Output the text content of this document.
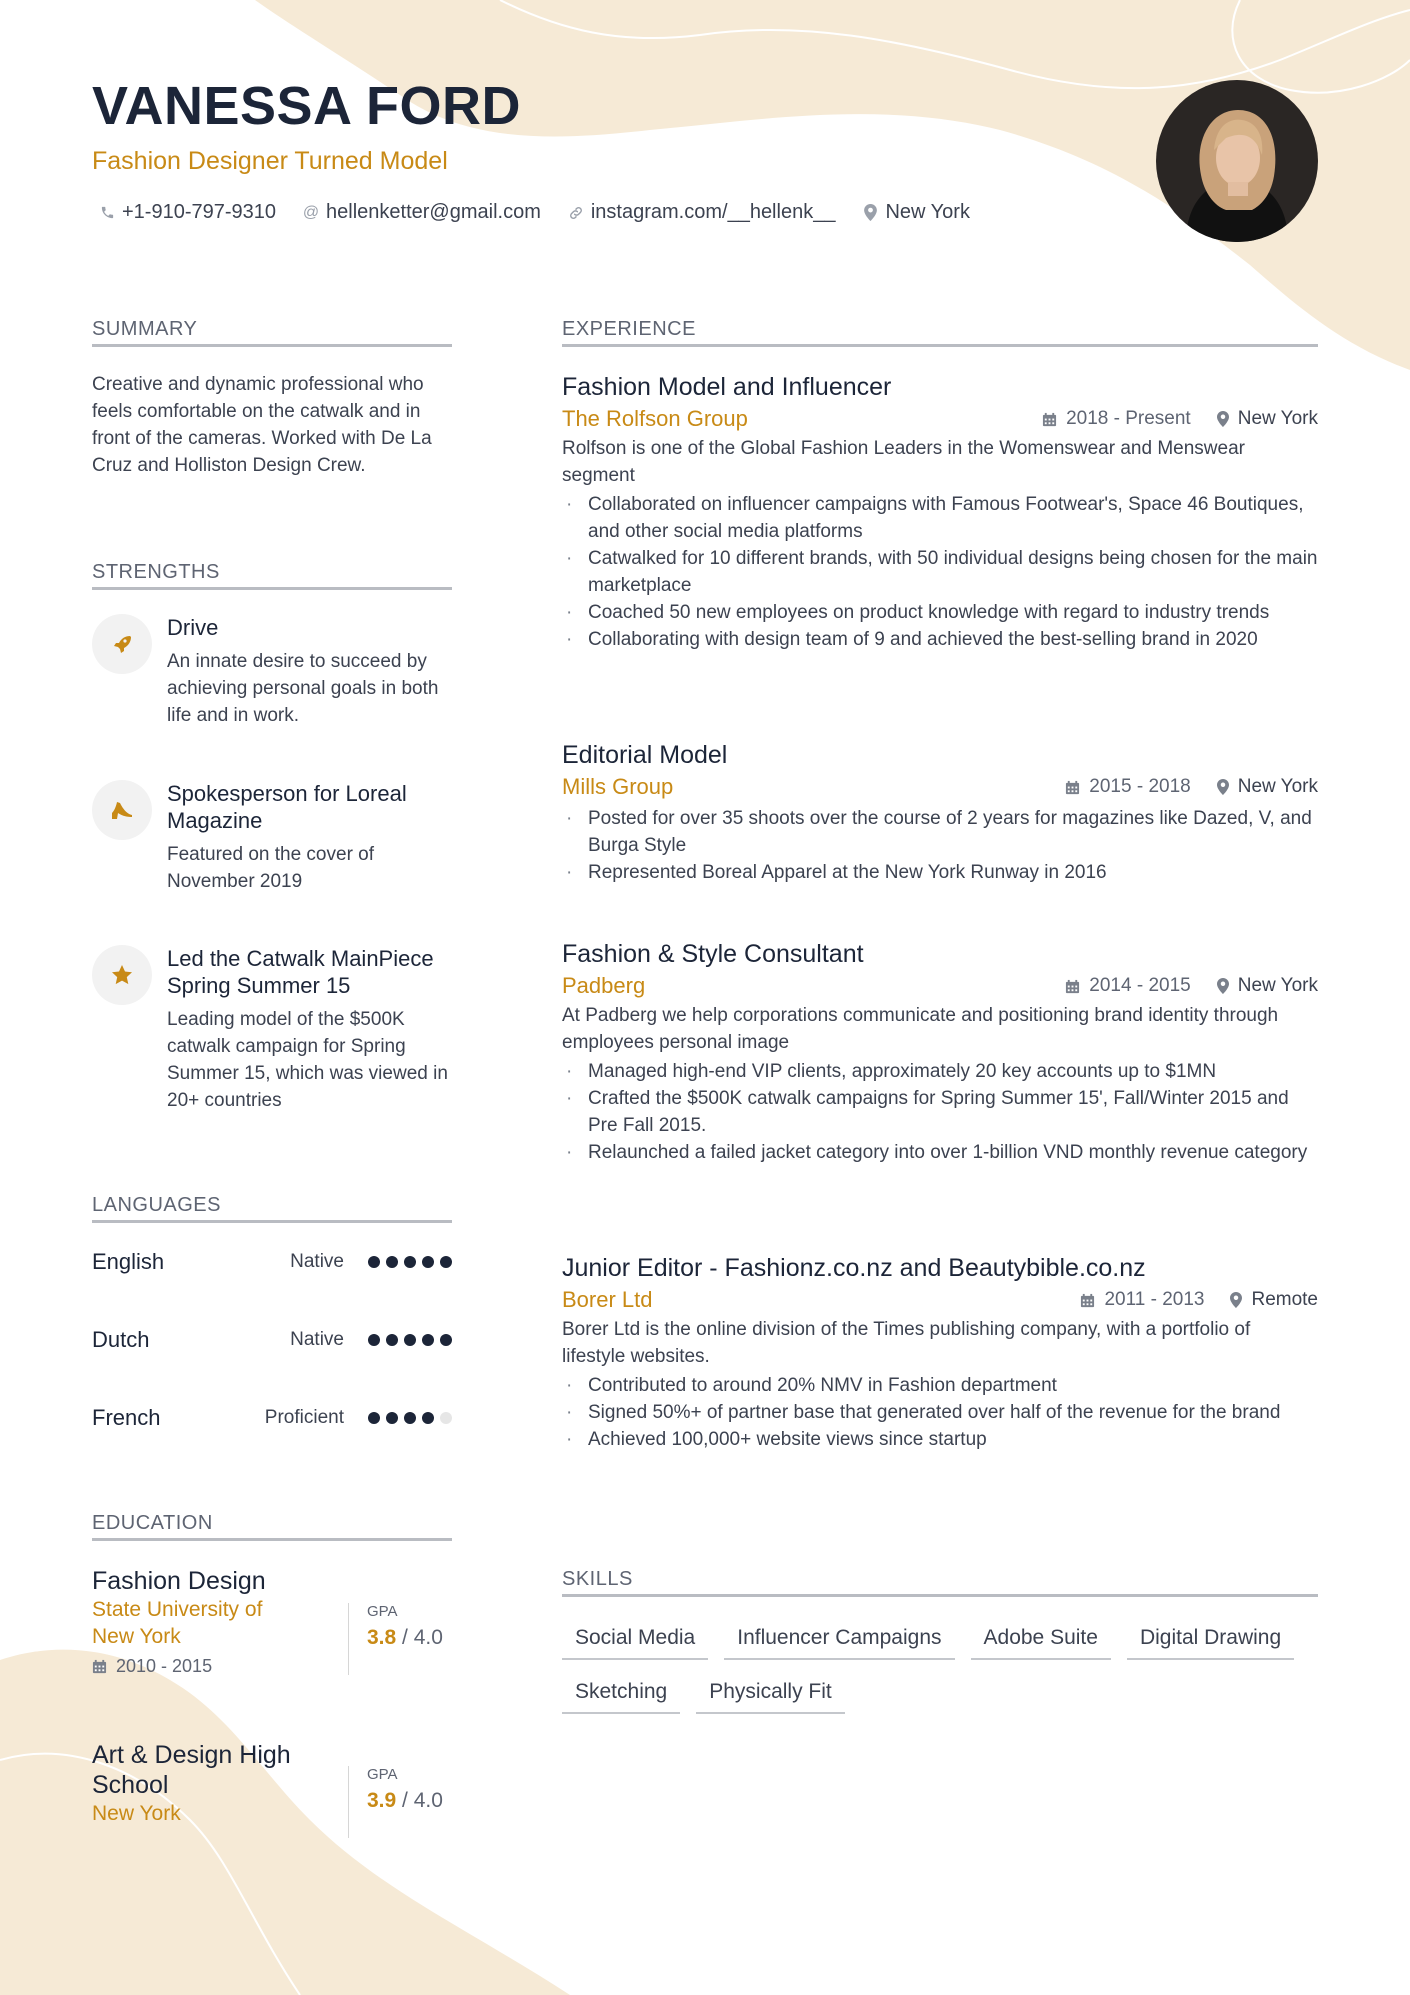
VANESSA FORD
Fashion Designer Turned Model
+1-910-797-9310 @ hellenketter@gmail.com	instagram.com/__hellenk__	New York
SUMMARY
Creative and dynamic professional who feels comfortable on the catwalk and in front of the cameras. Worked with De La Cruz and Holliston Design Crew.
STRENGTHS
Drive
An innate desire to succeed by achieving personal goals in both life and in work.
Spokesperson for Loreal Magazine
Featured on the cover of November 2019
Led the Catwalk MainPiece Spring Summer 15
Leading model of the $500K catwalk campaign for Spring Summer 15, which was viewed in 20+ countries
LANGUAGES
English	Native
Dutch	Native
French	Proficient
EDUCATION
Fashion Design
State University of New York
2010 - 2015
GPA
3.8 / 4.0
Art & Design High School
New York
GPA
3.9 / 4.0
EXPERIENCE
Fashion Model and Influencer
The Rolfson Group	2018 - Present New York
Rolfson is one of the Global Fashion Leaders in the Womenswear and Menswear segment
· Collaborated on influencer campaigns with Famous Footwear's, Space 46 Boutiques, and other social media platforms
· Catwalked for 10 different brands, with 50 individual designs being chosen for the main marketplace
· Coached 50 new employees on product knowledge with regard to industry trends
· Collaborating with design team of 9 and achieved the best-selling brand in 2020
Editorial Model
Mills Group	2015 - 2018 New York
· Posted for over 35 shoots over the course of 2 years for magazines like Dazed, V, and Burga Style
· Represented Boreal Apparel at the New York Runway in 2016
Fashion & Style Consultant
Padberg	2014 - 2015 New York
At Padberg we help corporations communicate and positioning brand identity through employees personal image
· Managed high-end VIP clients, approximately 20 key accounts up to $1MN
· Crafted the $500K catwalk campaigns for Spring Summer 15', Fall/Winter 2015 and Pre Fall 2015.
· Relaunched a failed jacket category into over 1-billion VND monthly revenue category
Junior Editor - Fashionz.co.nz and Beautybible.co.nz
Borer Ltd	2011 - 2013 Remote
Borer Ltd is the online division of the Times publishing company, with a portfolio of lifestyle websites.
· Contributed to around 20% NMV in Fashion department
· Signed 50%+ of partner base that generated over half of the revenue for the brand
· Achieved 100,000+ website views since startup
SKILLS
Social Media	Influencer Campaigns	Adobe Suite	Digital Drawing
Sketching	Physically Fit
